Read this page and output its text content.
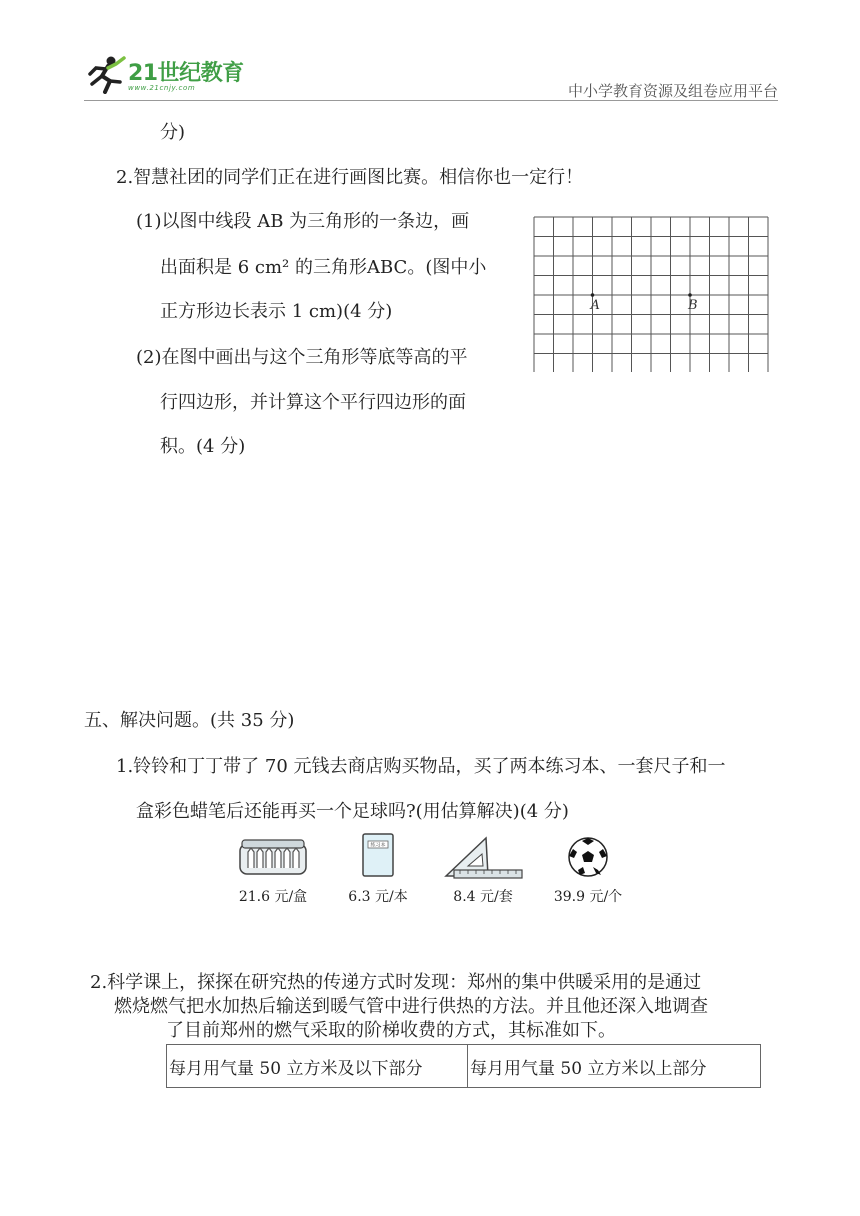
21世纪教育
www.21cnjy.com	中小学教育资源及组卷应用平台
分)
2.智慧社团的同学们正在进行画图比赛。相信你也一定行！
(1)以图中线段 AB 为三角形的一条边，画
出面积是 6 cm² 的三角形ABC。(图中小
正方形边长表示 1 cm)(4 分)
(2)在图中画出与这个三角形等底等高的平
行四边形，并计算这个平行四边形的面
积。(4 分)
A	B
五、解决问题。(共 35 分)
1.铃铃和丁丁带了 70 元钱去商店购买物品，买了两本练习本、一套尺子和一
盒彩色蜡笔后还能再买一个足球吗?(用估算解决)(4 分)
21.6 元/盒
练习本
6.3 元/本	8.4 元/套	39.9 元/个
2.科学课上，探探在研究热的传递方式时发现：郑州的集中供暖采用的是通过
燃烧燃气把水加热后输送到暖气管中进行供热的方法。并且他还深入地调查
了目前郑州的燃气采取的阶梯收费的方式，其标准如下。
每月用气量 50 立方米及以下部分	每月用气量 50 立方米以上部分
